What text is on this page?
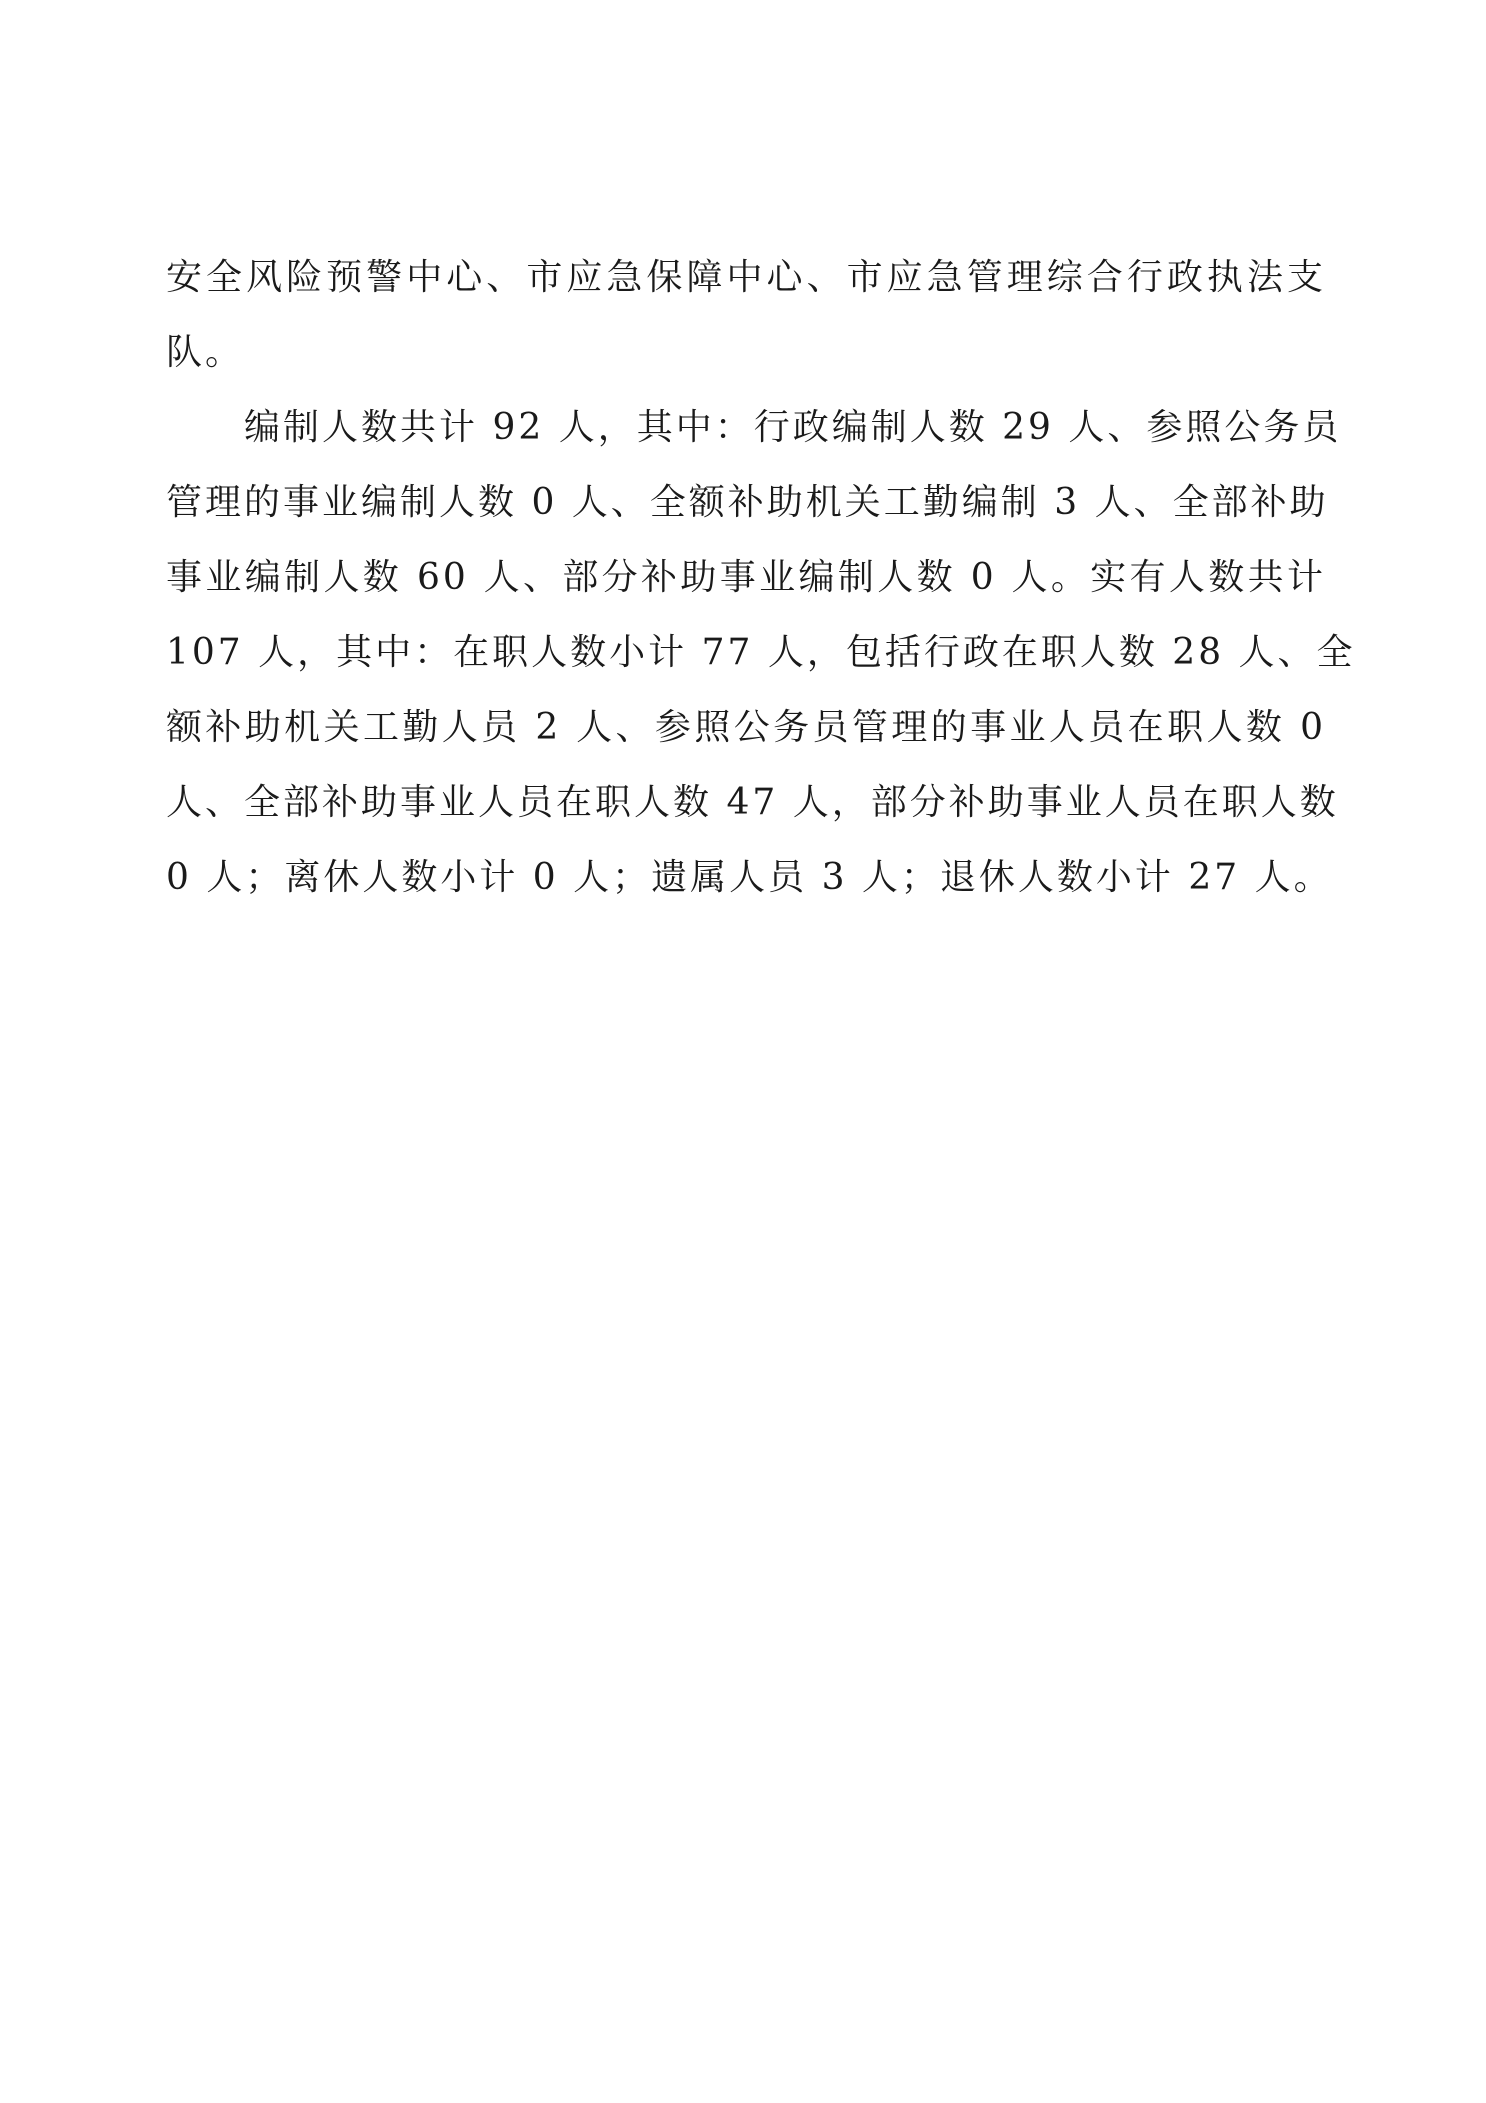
安全风险预警中心、市应急保障中心、市应急管理综合行政执法支
队。
　　编制人数共计 92 人，其中：行政编制人数 29 人、参照公务员
管理的事业编制人数 0 人、全额补助机关工勤编制 3 人、全部补助
事业编制人数 60 人、部分补助事业编制人数 0 人。实有人数共计
107 人，其中：在职人数小计 77 人，包括行政在职人数 28 人、全
额补助机关工勤人员 2 人、参照公务员管理的事业人员在职人数 0
人、全部补助事业人员在职人数 47 人，部分补助事业人员在职人数
0 人；离休人数小计 0 人；遗属人员 3 人；退休人数小计 27 人。
